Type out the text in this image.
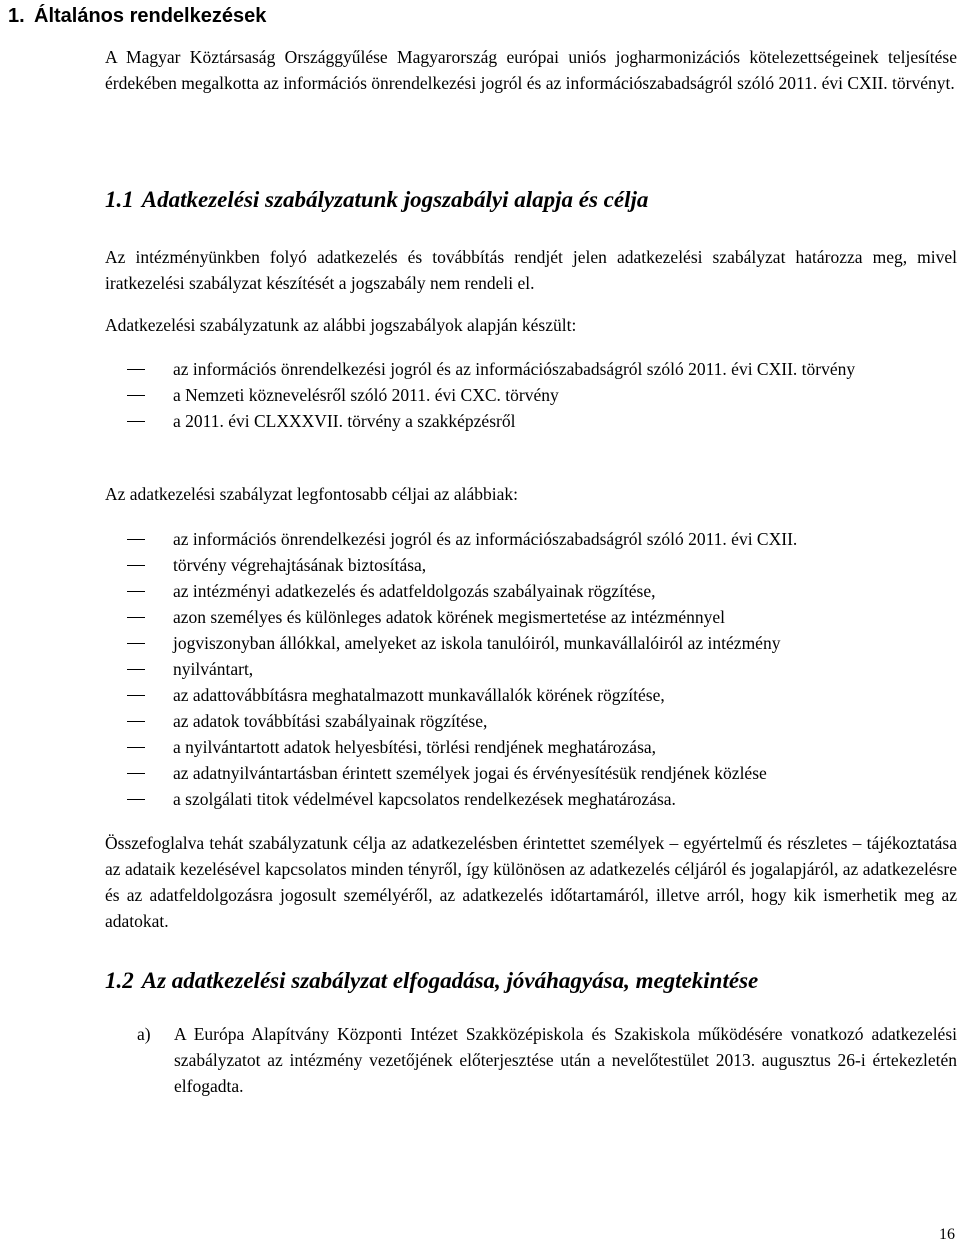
1. Általános rendelkezések

A Magyar Köztársaság Országgyűlése Magyarország európai uniós jogharmonizációs kötelezettségeinek teljesítése érdekében megalkotta az információs önrendelkezési jogról és az információszabadságról szóló 2011. évi CXII. törvényt.

1.1 Adatkezelési szabályzatunk jogszabályi alapja és célja

Az intézményünkben folyó adatkezelés és továbbítás rendjét jelen adatkezelési szabályzat határozza meg, mivel iratkezelési szabályzat készítését a jogszabály nem rendeli el.

Adatkezelési szabályzatunk az alábbi jogszabályok alapján készült:

az információs önrendelkezési jogról és az információszabadságról szóló 2011. évi CXII. törvény
a Nemzeti köznevelésről szóló 2011. évi CXC. törvény
a 2011. évi CLXXXVII. törvény a szakképzésről

Az adatkezelési szabályzat legfontosabb céljai az alábbiak:

az információs önrendelkezési jogról és az információszabadságról szóló 2011. évi CXII.
törvény végrehajtásának biztosítása,
az intézményi adatkezelés és adatfeldolgozás szabályainak rögzítése,
azon személyes és különleges adatok körének megismertetése az intézménnyel
jogviszonyban állókkal, amelyeket az iskola tanulóiról, munkavállalóiról az intézmény
nyilvántart,
az adattovábbításra meghatalmazott munkavállalók körének rögzítése,
az adatok továbbítási szabályainak rögzítése,
a nyilvántartott adatok helyesbítési, törlési rendjének meghatározása,
az adatnyilvántartásban érintett személyek jogai és érvényesítésük rendjének közlése
a szolgálati titok védelmével kapcsolatos rendelkezések meghatározása.

Összefoglalva tehát szabályzatunk célja az adatkezelésben érintettet személyek – egyértelmű és részletes – tájékoztatása az adataik kezelésével kapcsolatos minden tényről, így különösen az adatkezelés céljáról és jogalapjáról, az adatkezelésre és az adatfeldolgozásra jogosult személyéről, az adatkezelés időtartamáról, illetve arról, hogy kik ismerhetik meg az adatokat.

1.2 Az adatkezelési szabályzat elfogadása, jóváhagyása, megtekintése
a) A Európa Alapítvány Központi Intézet Szakközépiskola és Szakiskola működésére vonatkozó adatkezelési szabályzatot az intézmény vezetőjének előterjesztése után a nevelőtestület 2013. augusztus 26-i értekezletén elfogadta.
16
